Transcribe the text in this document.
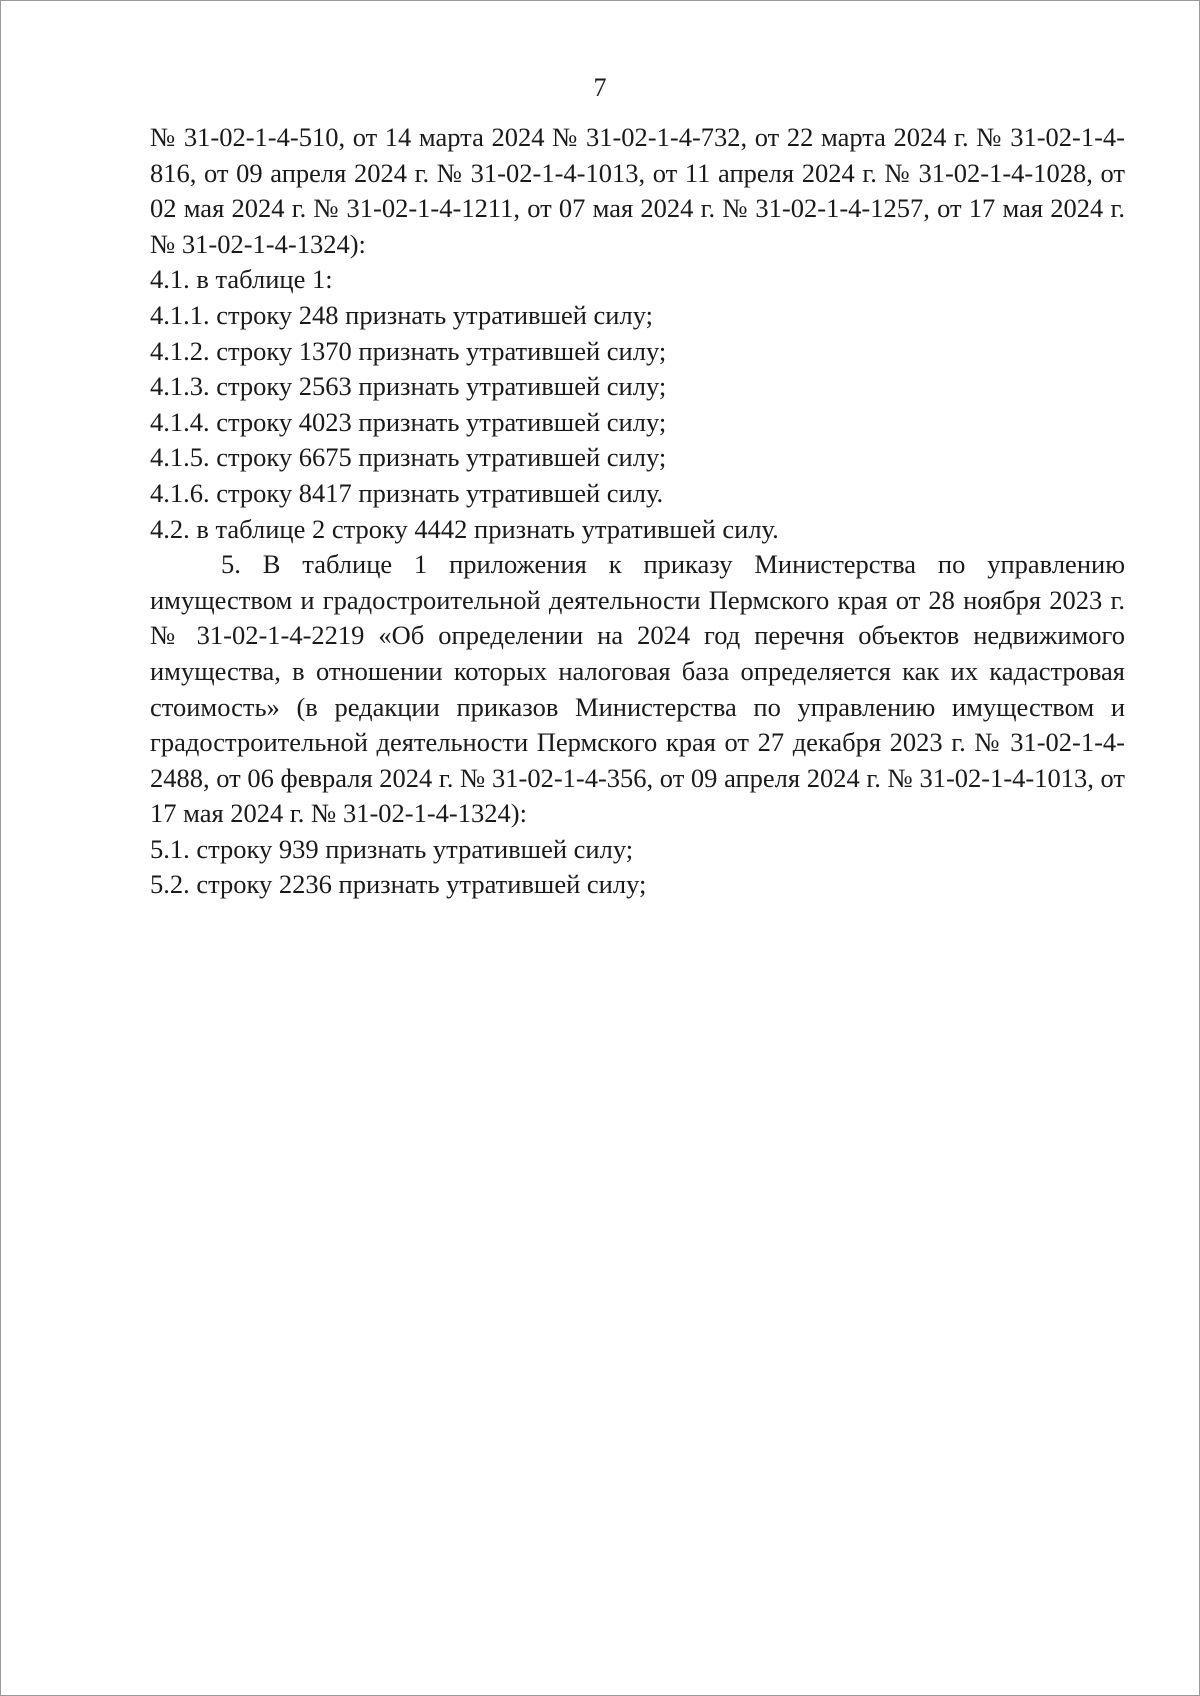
7

№ 31-02-1-4-510, от 14 марта 2024 № 31-02-1-4-732, от 22 марта 2024 г. № 31-02-1-4-816, от 09 апреля 2024 г. № 31-02-1-4-1013, от 11 апреля 2024 г. № 31-02-1-4-1028, от 02 мая 2024 г. № 31-02-1-4-1211, от 07 мая 2024 г. № 31-02-1-4-1257, от 17 мая 2024 г. № 31-02-1-4-1324):

4.1. в таблице 1:

4.1.1. строку 248 признать утратившей силу;

4.1.2. строку 1370 признать утратившей силу;

4.1.3. строку 2563 признать утратившей силу;

4.1.4. строку 4023 признать утратившей силу;

4.1.5. строку 6675 признать утратившей силу;

4.1.6. строку 8417 признать утратившей силу.

4.2. в таблице 2 строку 4442 признать утратившей силу.

5. В таблице 1 приложения к приказу Министерства по управлению имуществом и градостроительной деятельности Пермского края от 28 ноября 2023 г. № 31-02-1-4-2219 «Об определении на 2024 год перечня объектов недвижимого имущества, в отношении которых налоговая база определяется как их кадастровая стоимость» (в редакции приказов Министерства по управлению имуществом и градостроительной деятельности Пермского края от 27 декабря 2023 г. № 31-02-1-4-2488, от 06 февраля 2024 г. № 31-02-1-4-356, от 09 апреля 2024 г. № 31-02-1-4-1013, от 17 мая 2024 г. № 31-02-1-4-1324):

5.1. строку 939 признать утратившей силу;

5.2. строку 2236 признать утратившей силу;
